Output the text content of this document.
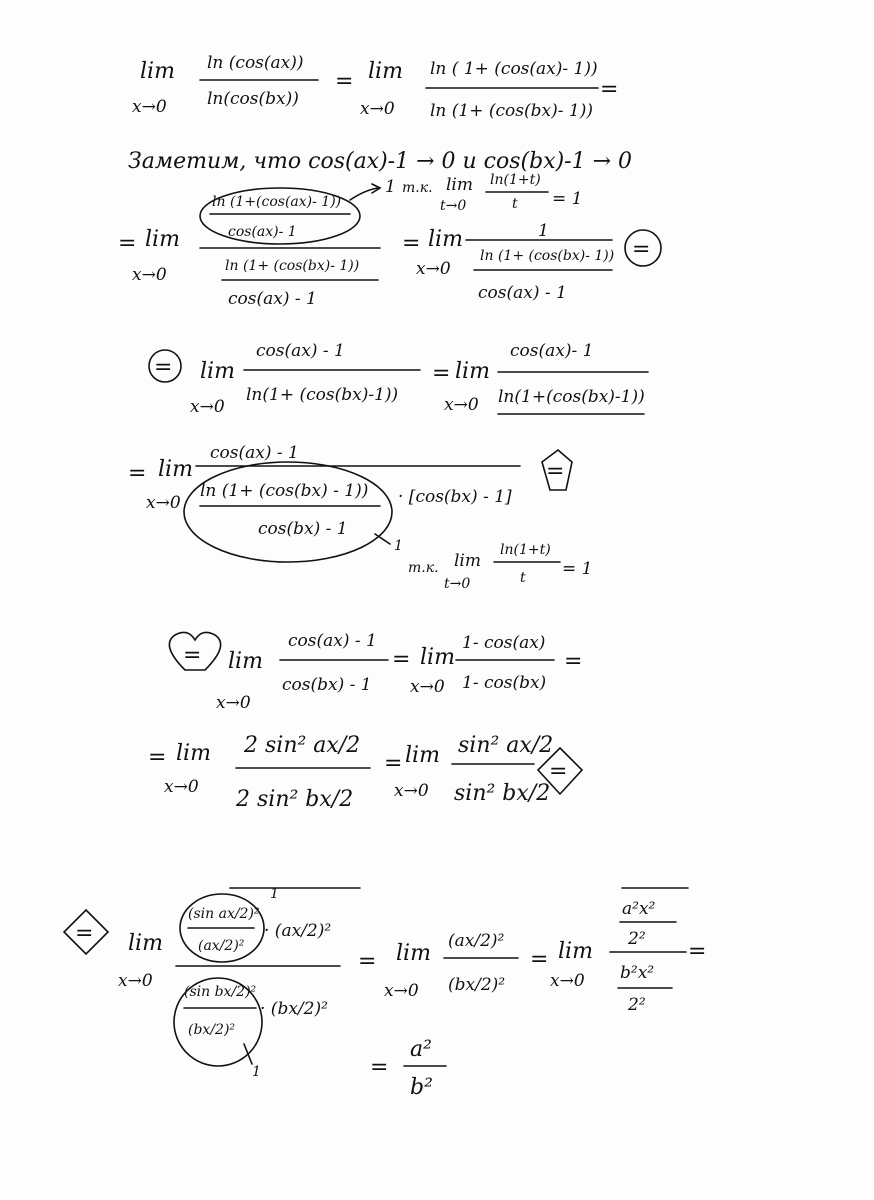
lim
x→0
ln (cos(ax))
ln(cos(bx))
= lim
x→0
ln ( 1+ (cos(ax)- 1))
ln (1+ (cos(bx)- 1))
=
Заметим, что cos(ax)-1 → 0 и cos(bx)-1 → 0
= lim
x→0
ln (1+(cos(ax)- 1))
cos(ax)- 1
1 т.к. lim
t→0
ln(1+t)
t = 1
ln (1+ (cos(bx)- 1))
cos(ax) - 1
= lim
x→0
1
ln (1+ (cos(bx)- 1))
cos(ax) - 1
=
= lim
x→0
cos(ax) - 1
ln(1+ (cos(bx)-1))
= lim
x→0
cos(ax)- 1
ln(1+(cos(bx)-1))
= lim
x→0
cos(ax) - 1
ln (1+ (cos(bx) - 1))
cos(bx) - 1
· [cos(bx) - 1]
=
1
т.к. lim
t→0
ln(1+t)
t = 1
= lim
x→0
cos(ax) - 1
cos(bx) - 1
= lim
x→0
1- cos(ax)
1- cos(bx)
=
= lim
x→0
2 sin² ax/2
2 sin² bx/2
= lim
x→0
sin² ax/2
sin² bx/2
=
= lim
x→0
(sin ax/2)²
(ax/2)²
1
· (ax/2)²
(sin bx/2)²
(bx/2)²
· (bx/2)²
1
= lim
x→0
(ax/2)²
(bx/2)²
= lim
x→0
a²x²
2²
b²x²
2²
=
=
a²
b²
